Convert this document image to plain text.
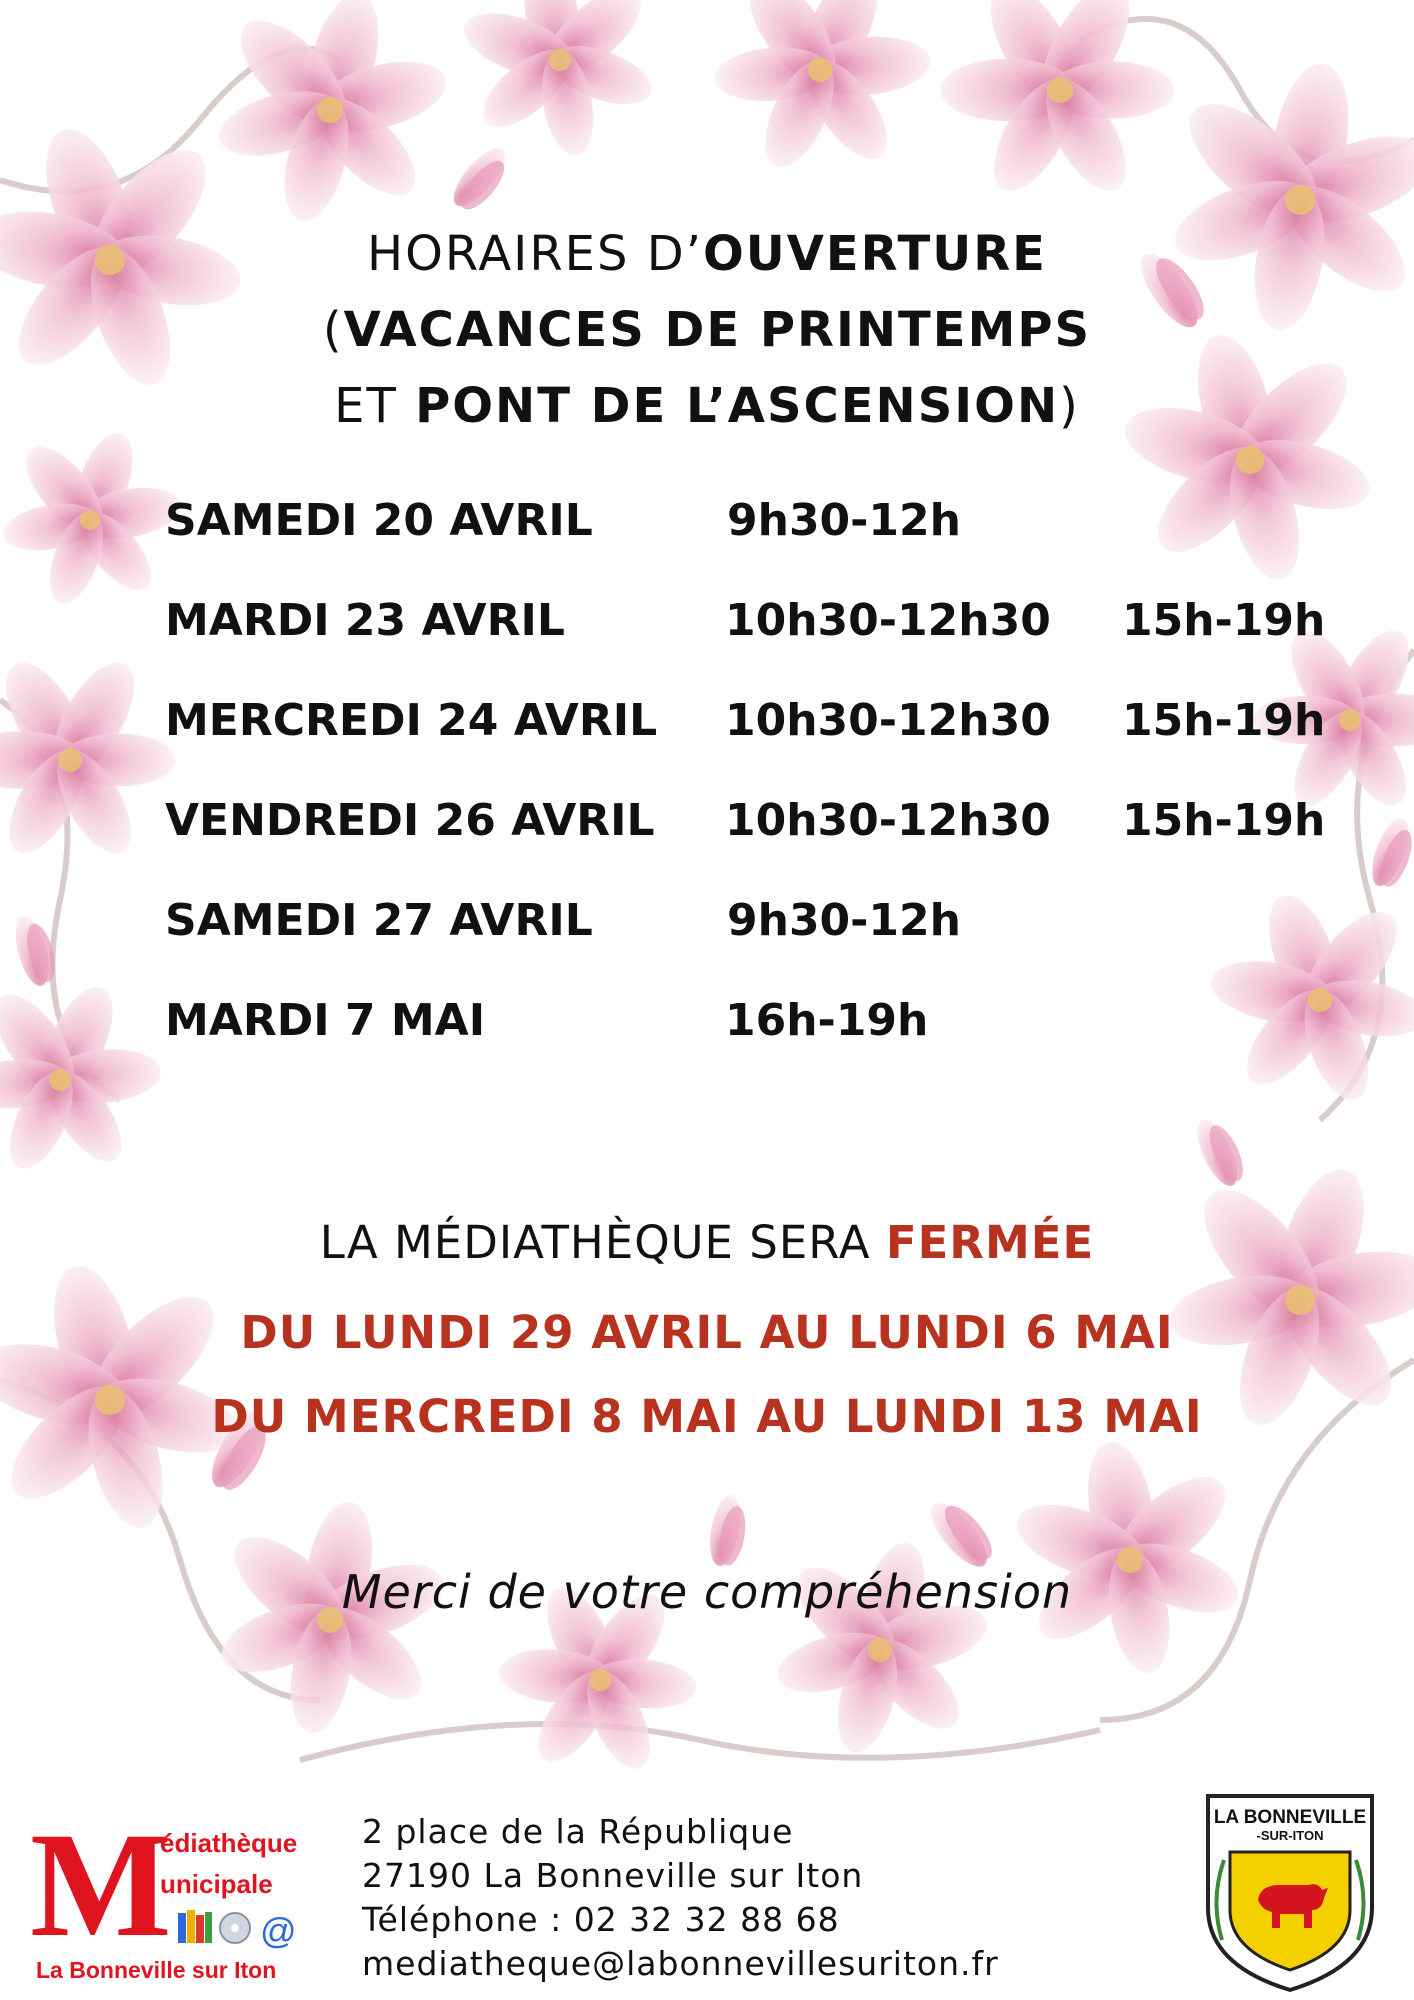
HORAIRES D’OUVERTURE
(VACANCES DE PRINTEMPS
ET PONT DE L’ASCENSION)
SAMEDI 20 AVRIL	9h30-12h
MARDI 23 AVRIL	10h30-12h30 15h-19h
MERCREDI 24 AVRIL 10h30-12h30 15h-19h
VENDREDI 26 AVRIL 10h30-12h30 15h-19h
SAMEDI 27 AVRIL	9h30-12h
MARDI 7 MAI	16h-19h
LA MÉDIATHÈQUE SERA FERMÉE
DU LUNDI 29 AVRIL AU LUNDI 6 MAI
DU MERCREDI 8 MAI AU LUNDI 13 MAI
Merci de votre compréhension
M
édiathèque
unicipale
@
La Bonneville sur Iton
2 place de la République
27190 La Bonneville sur Iton
Téléphone : 02 32 32 88 68
mediatheque@labonnevillesuriton.fr
LA BONNEVILLE
-SUR-ITON
